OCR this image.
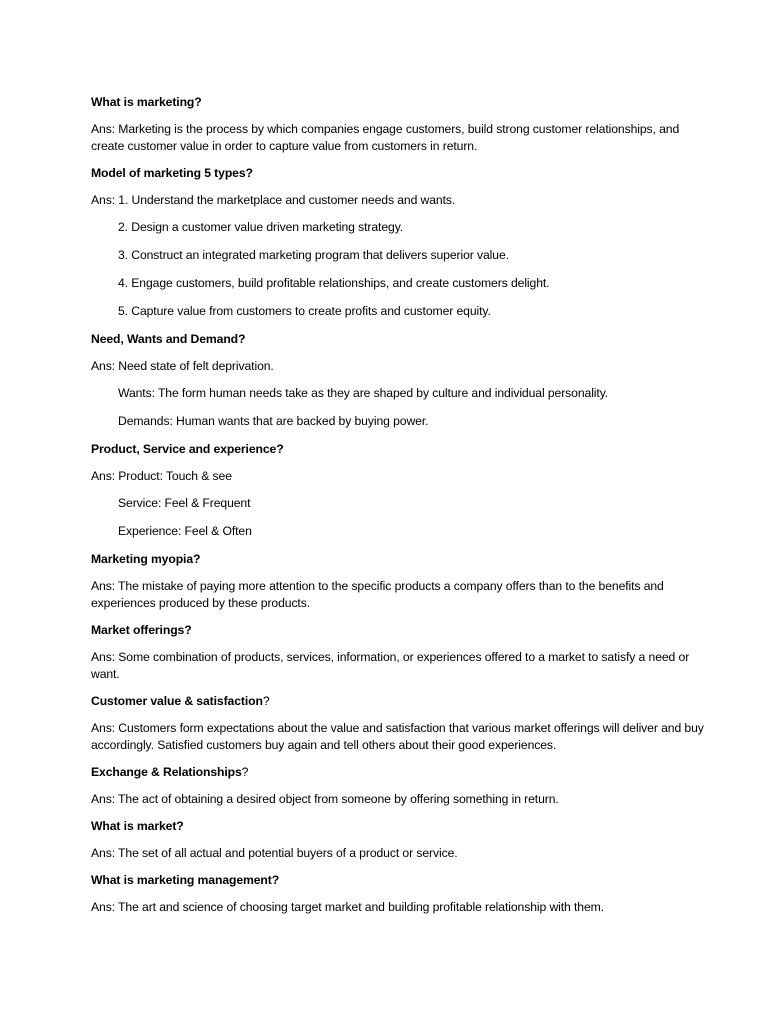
What is marketing?
Ans: Marketing is the process by which companies engage customers, build strong customer relationships, and create customer value in order to capture value from customers in return.
Model of marketing 5 types?
Ans: 1. Understand the marketplace and customer needs and wants.
2. Design a customer value driven marketing strategy.
3. Construct an integrated marketing program that delivers superior value.
4. Engage customers, build profitable relationships, and create customers delight.
5. Capture value from customers to create profits and customer equity.
Need, Wants and Demand?
Ans: Need state of felt deprivation.
Wants: The form human needs take as they are shaped by culture and individual personality.
Demands: Human wants that are backed by buying power.
Product, Service and experience?
Ans: Product: Touch & see
Service: Feel & Frequent
Experience: Feel & Often
Marketing myopia?
Ans: The mistake of paying more attention to the specific products a company offers than to the benefits and experiences produced by these products.
Market offerings?
Ans: Some combination of products, services, information, or experiences offered to a market to satisfy a need or want.
Customer value & satisfaction?
Ans: Customers form expectations about the value and satisfaction that various market offerings will deliver and buy accordingly. Satisfied customers buy again and tell others about their good experiences.
Exchange & Relationships?
Ans: The act of obtaining a desired object from someone by offering something in return.
What is market?
Ans: The set of all actual and potential buyers of a product or service.
What is marketing management?
Ans: The art and science of choosing target market and building profitable relationship with them.
